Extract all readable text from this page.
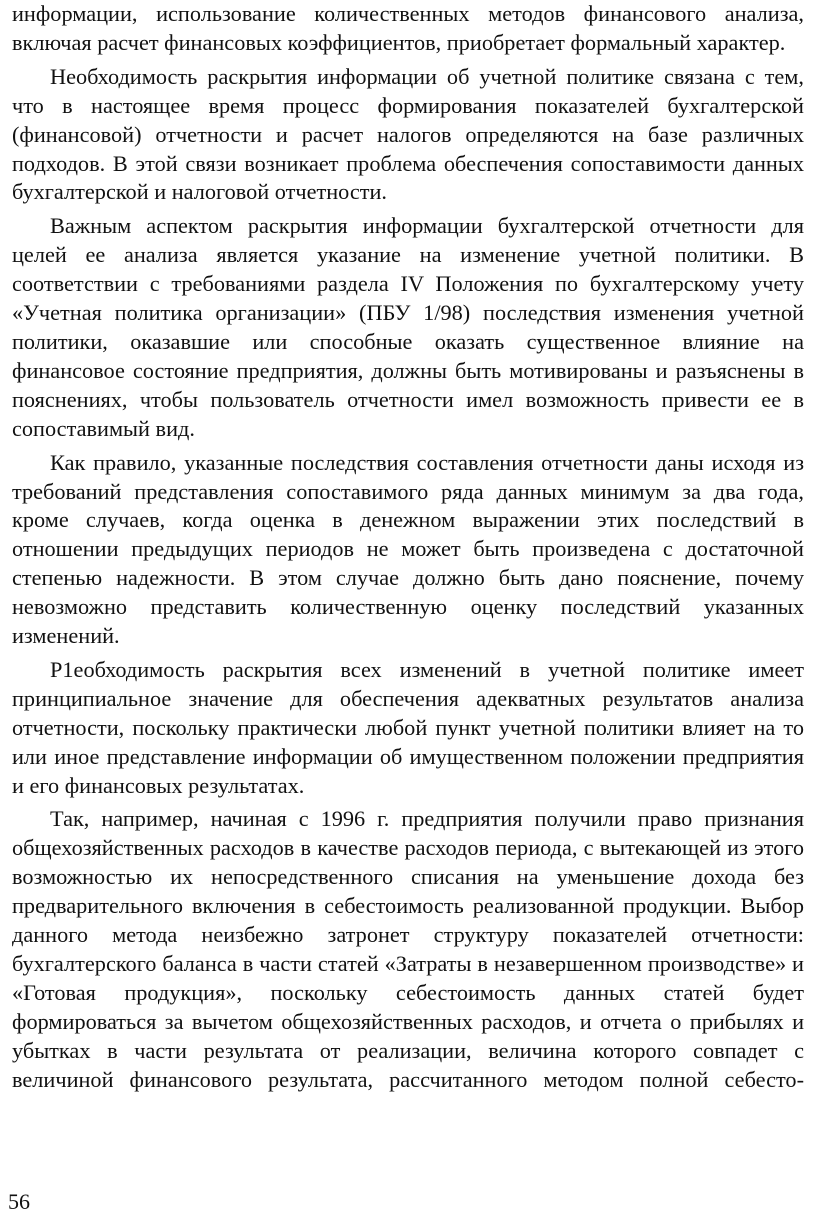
информации, использование количественных методов финансового анализа, включая расчет финансовых коэффициентов, приобретает формальный характер.

Необходимость раскрытия информации об учетной политике связана с тем, что в настоящее время процесс формирования показателей бухгалтерской (финансовой) отчетности и расчет налогов определяются на базе различных подходов. В этой связи возникает проблема обеспечения сопоставимости данных бухгалтерской и налоговой отчетности.

Важным аспектом раскрытия информации бухгалтерской отчетности для целей ее анализа является указание на изменение учетной политики. В соответствии с требованиями раздела IV Положения по бухгалтерскому учету «Учетная политика организации» (ПБУ 1/98) последствия изменения учетной политики, оказавшие или способные оказать существенное влияние на финансовое состояние предприятия, должны быть мотивированы и разъяснены в пояснениях, чтобы пользователь отчетности имел возможность привести ее в сопоставимый вид.

Как правило, указанные последствия составления отчетности даны исходя из требований представления сопоставимого ряда данных минимум за два года, кроме случаев, когда оценка в денежном выражении этих последствий в отношении предыдущих периодов не может быть произведена с достаточной степенью надежности. В этом случае должно быть дано пояснение, почему невозможно представить количественную оценку последствий указанных изменений.

Р1еобходимость раскрытия всех изменений в учетной политике имеет принципиальное значение для обеспечения адекватных результатов анализа отчетности, поскольку практически любой пункт учетной политики влияет на то или иное представление информации об имущественном положении предприятия и его финансовых результатах.

Так, например, начиная с 1996 г. предприятия получили право признания общехозяйственных расходов в качестве расходов периода, с вытекающей из этого возможностью их непосредственного списания на уменьшение дохода без предварительного включения в себестоимость реализованной продукции. Выбор данного метода неизбежно затронет структуру показателей отчетности: бухгалтерского баланса в части статей «Затраты в незавершенном производстве» и «Готовая продукция», поскольку себестоимость данных статей будет формироваться за вычетом общехозяйственных расходов, и отчета о прибылях и убытках в части результата от реализации, величина которого совпадет с величиной финансового результата, рассчитанного методом полной себесто-

56
